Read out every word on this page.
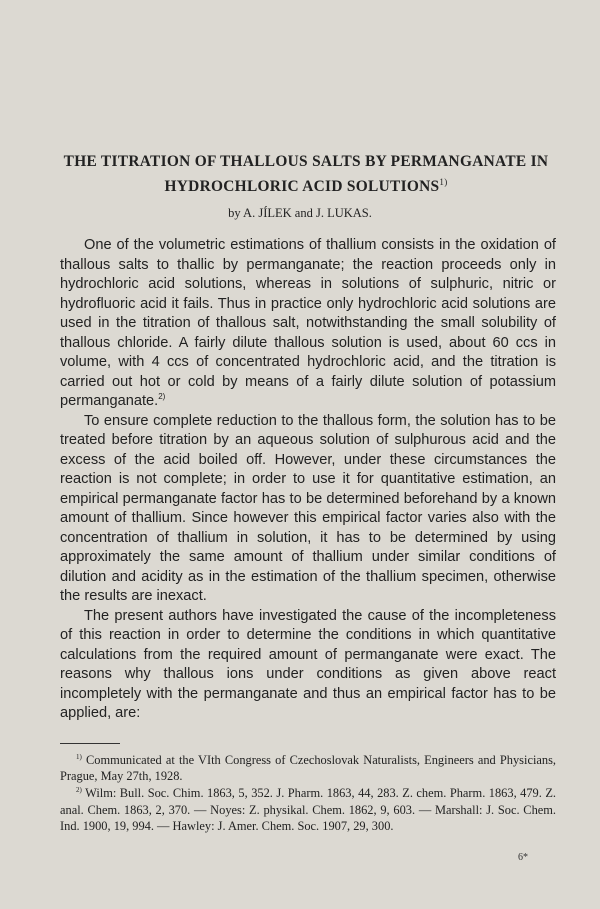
THE TITRATION OF THALLOUS SALTS BY PERMANGANATE IN HYDROCHLORIC ACID SOLUTIONS$^{1)}$
by A. JÍLEK and J. LUKAS.

One of the volumetric estimations of thallium consists in the oxidation of thallous salts to thallic by permanganate; the reaction proceeds only in hydrochloric acid solutions, whereas in solutions of sulphuric, nitric or hydrofluoric acid it fails. Thus in practice only hydrochloric acid solutions are used in the titration of thallous salt, notwithstanding the small solubility of thallous chloride. A fairly dilute thallous solution is used, about 60 ccs in volume, with 4 ccs of concentrated hydrochloric acid, and the titration is carried out hot or cold by means of a fairly dilute solution of potassium permanganate.$^{2)}$

To ensure complete reduction to the thallous form, the solution has to be treated before titration by an aqueous solution of sulphurous acid and the excess of the acid boiled off. However, under these circumstances the reaction is not complete; in order to use it for quantitative estimation, an empirical permanganate factor has to be determined beforehand by a known amount of thallium. Since however this empirical factor varies also with the concentration of thallium in solution, it has to be determined by using approximately the same amount of thallium under similar conditions of dilution and acidity as in the estimation of the thallium specimen, otherwise the results are inexact.

The present authors have investigated the cause of the incompleteness of this reaction in order to determine the conditions in which quantitative calculations from the required amount of permanganate were exact. The reasons why thallous ions under conditions as given above react incompletely with the permanganate and thus an empirical factor has to be applied, are:

$^{1)}$ Communicated at the VIth Congress of Czechoslovak Naturalists, Engineers and Physicians, Prague, May 27th, 1928.

$^{2)}$ Wilm: Bull. Soc. Chim. 1863, 5, 352. J. Pharm. 1863, 44, 283. Z. chem. Pharm. 1863, 479. Z. anal. Chem. 1863, 2, 370. — Noyes: Z. physikal. Chem. 1862, 9, 603. — Marshall: J. Soc. Chem. Ind. 1900, 19, 994. — Hawley: J. Amer. Chem. Soc. 1907, 29, 300.

6*
